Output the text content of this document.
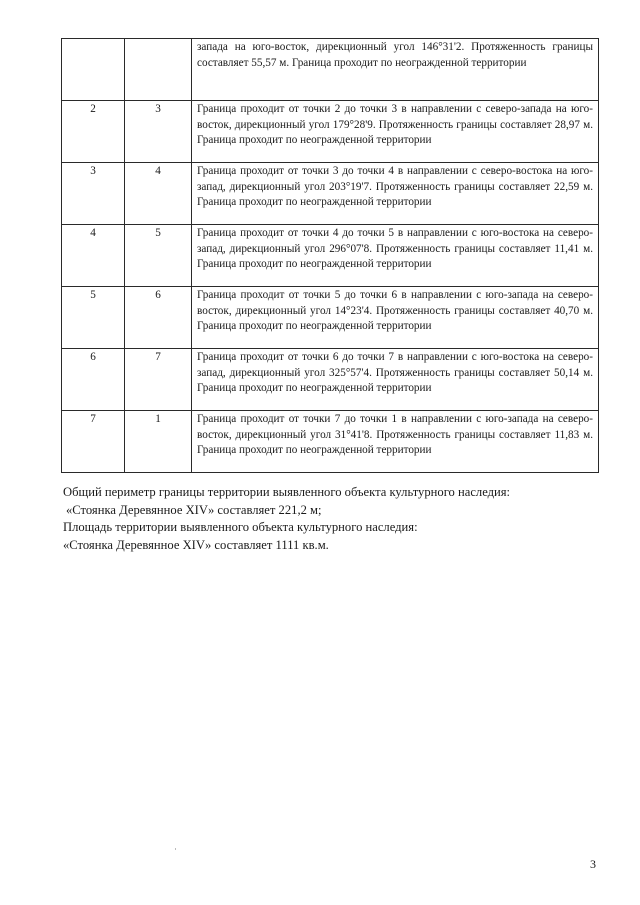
		запада на юго-восток, дирекционный угол 146°31'2. Протяженность границы составляет 55,57 м. Граница проходит по неогражденной территории
2	3	Граница проходит от точки 2 до точки 3 в направлении с северо-запада на юго-восток, дирекционный угол 179°28'9. Протяженность границы составляет 28,97 м. Граница проходит по неогражденной территории
3	4	Граница проходит от точки 3 до точки 4 в направлении с северо-востока на юго-запад, дирекционный угол 203°19'7. Протяженность границы составляет 22,59 м. Граница проходит по неогражденной территории
4	5	Граница проходит от точки 4 до точки 5 в направлении с юго-востока на северо-запад, дирекционный угол 296°07'8. Протяженность границы составляет 11,41 м. Граница проходит по неогражденной территории
5	6	Граница проходит от точки 5 до точки 6 в направлении с юго-запада на северо-восток, дирекционный угол 14°23'4. Протяженность границы составляет 40,70 м. Граница проходит по неогражденной территории
6	7	Граница проходит от точки 6 до точки 7 в направлении с юго-востока на северо-запад, дирекционный угол 325°57'4. Протяженность границы составляет 50,14 м. Граница проходит по неогражденной территории
7	1	Граница проходит от точки 7 до точки 1 в направлении с юго-запада на северо-восток, дирекционный угол 31°41'8. Протяженность границы составляет 11,83 м. Граница проходит по неогражденной территории

Общий периметр границы территории выявленного объекта культурного наследия:

«Стоянка Деревянное XIV» составляет 221,2 м;

Площадь территории выявленного объекта культурного наследия:

«Стоянка Деревянное XIV» составляет 1111 кв.м.

3
